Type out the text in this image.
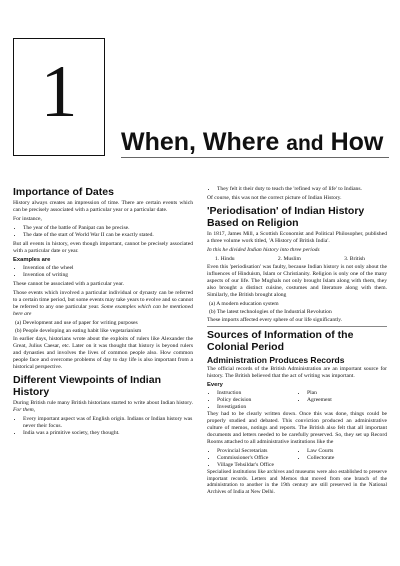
1
When, Where and How
Importance of Dates

History always creates an impression of time. There are certain events which can be precisely associated with a particular year or a particular date.

For instance,

• The year of the battle of Panipat can be precise.
• The date of the start of World War II can be exactly stated.

But all events in history, even though important, cannot be precisely associated with a particular date or year.

Examples are
• Invention of the wheel
• Invention of writing

These cannot be associated with a particular year.

Those events which involved a particular individual or dynasty can be referred to a certain time period, but some events may take years to evolve and so cannot be referred to any one particular year. Some examples which can be mentioned here are

(a) Development and use of paper for writing purposes
(b) People developing an eating habit like vegetarianism

In earlier days, historians wrote about the exploits of rulers like Alexander the Great, Julius Caesar, etc. Later on it was thought that history is beyond rulers and dynasties and involves the lives of common people also. How common people face and overcome problems of day to day life is also important from a historical perspective.

Different Viewpoints of Indian History

During British rule many British historians started to write about Indian history. For them,

• Every important aspect was of English origin. Indians or Indian history was never their focus.
• India was a primitive society, they thought.
• They felt it their duty to teach the 'refined way of life' to Indians.

Of course, this was not the correct picture of Indian History.

'Periodisation' of Indian History Based on Religion

In 1817, James Mill, a Scottish Economist and Political Philosopher, published a three volume work titled, 'A History of British India'.

In this he divided Indian history into three periods

1. Hindu	2. Muslim	3. British

Even this 'periodisation' was faulty, because Indian history is not only about the influences of Hinduism, Islam or Christianity. Religion is only one of the many aspects of our life. The Mughals not only brought Islam along with them, they also brought a distinct cuisine, costumes and literature along with them. Similarly, the British brought along

(a) A modern education system
(b) The latest technologies of the Industrial Revolution

These imports affected every sphere of our life significantly.

Sources of Information of the Colonial Period
Administration Produces Records

The official records of the British Administration are an important source for history. The British believed that the act of writing was important.

Every
• Instruction
• Policy decision
• Investigation
• Plan
• Agreement

They had to be clearly written down. Once this was done, things could be properly studied and debated. This conviction produced an administrative culture of memos, notings and reports. The British also felt that all important documents and letters needed to be carefully preserved. So, they set up Record Rooms attached to all administrative institutions like the

• Provincial Secretariats
• Commissioner's Office
• Village Tehsildar's Office
• Law Courts
• Collectorate

Specialised institutions like archives and museums were also established to preserve important records. Letters and Memos that moved from one branch of the administration to another in the 19th century are still preserved in the National Archives of India at New Delhi.
